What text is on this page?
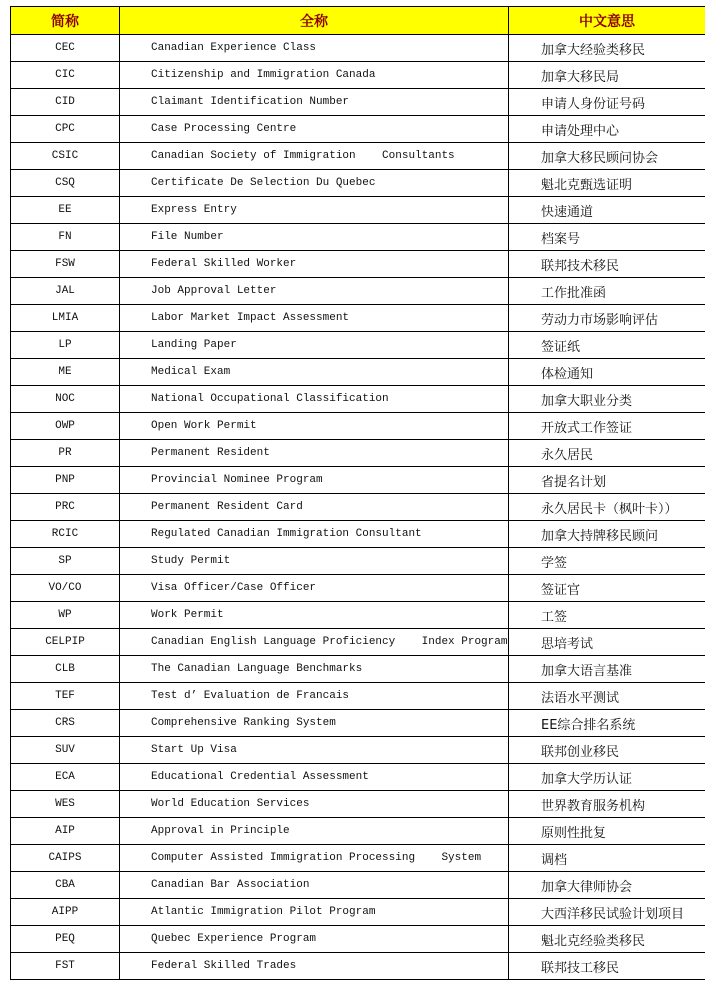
简称	全称	中文意思
CEC	Canadian Experience Class	加拿大经验类移民
CIC	Citizenship and Immigration Canada	加拿大移民局
CID	Claimant Identification Number	申请人身份证号码
CPC	Case Processing Centre	申请处理中心
CSIC	Canadian Society of Immigration    Consultants	加拿大移民顾问协会
CSQ	Certificate De Selection Du Quebec	魁北克甄选证明
EE	Express Entry	快速通道
FN	File Number	档案号
FSW	Federal Skilled Worker	联邦技术移民
JAL	Job Approval Letter	工作批准函
LMIA	Labor Market Impact Assessment	劳动力市场影响评估
LP	Landing Paper	签证纸
ME	Medical Exam	体检通知
NOC	National Occupational Classification	加拿大职业分类
OWP	Open Work Permit	开放式工作签证
PR	Permanent Resident	永久居民
PNP	Provincial Nominee Program	省提名计划
PRC	Permanent Resident Card	永久居民卡（枫叶卡））
RCIC	Regulated Canadian Immigration Consultant	加拿大持牌移民顾问
SP	Study Permit	学签
VO/CO	Visa Officer/Case Officer	签证官
WP	Work Permit	工签
CELPIP	Canadian English Language Proficiency    Index Program	思培考试
CLB	The Canadian Language Benchmarks	加拿大语言基准
TEF	Test d’ Evaluation de Francais	法语水平测试
CRS	Comprehensive Ranking System	EE综合排名系统
SUV	Start Up Visa	联邦创业移民
ECA	Educational Credential Assessment	加拿大学历认证
WES	World Education Services	世界教育服务机构
AIP	Approval in Principle	原则性批复
CAIPS	Computer Assisted Immigration Processing    System	调档
CBA	Canadian Bar Association	加拿大律师协会
AIPP	Atlantic Immigration Pilot Program	大西洋移民试验计划项目
PEQ	Quebec Experience Program	魁北克经验类移民
FST	Federal Skilled Trades	联邦技工移民
